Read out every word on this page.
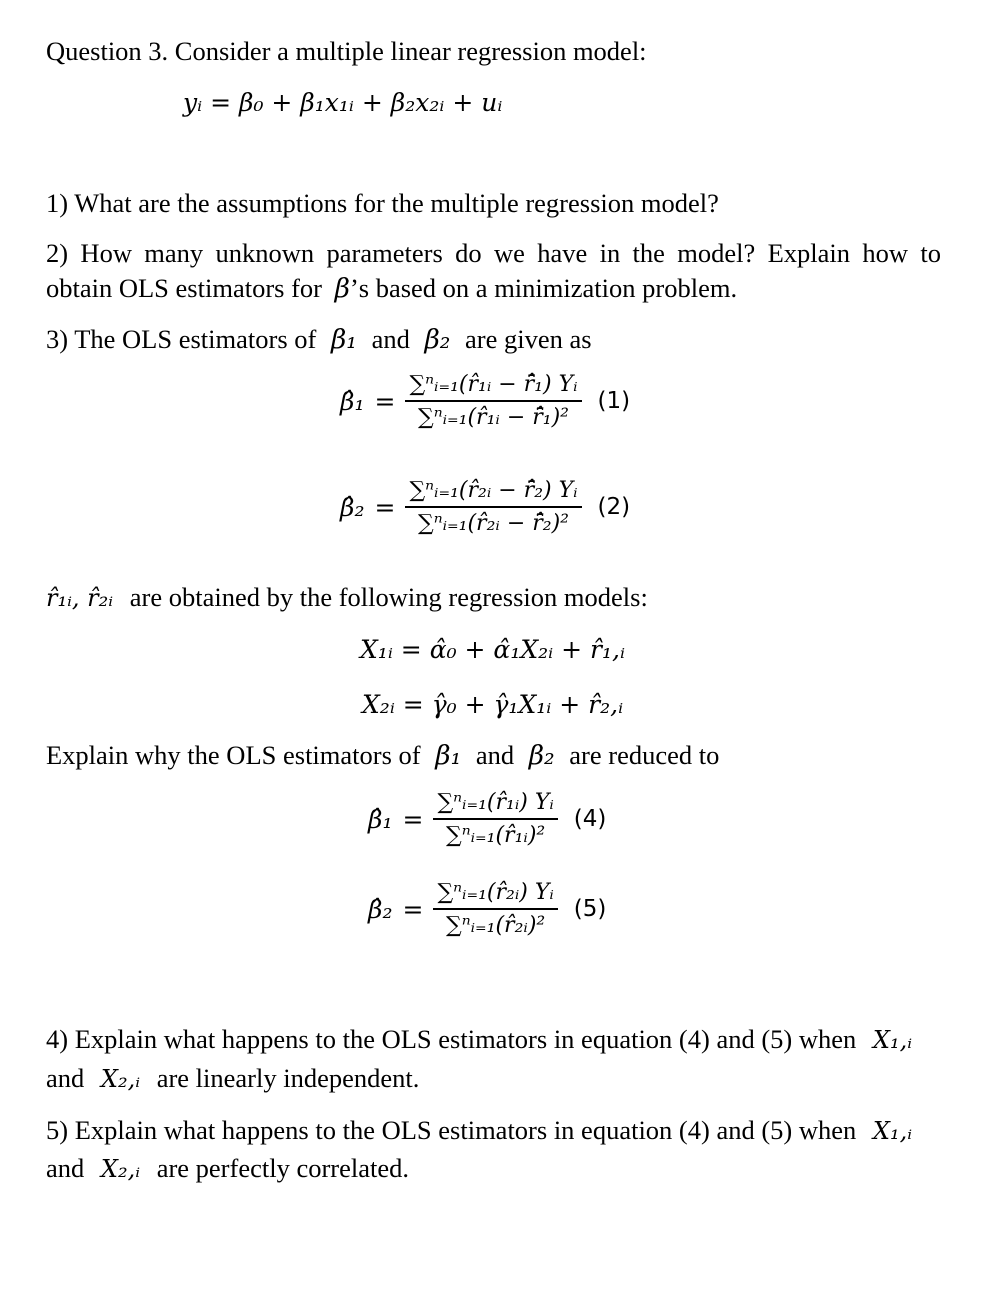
Question 3. Consider a multiple linear regression model:
yᵢ = β₀ + β₁x₁ᵢ + β₂x₂ᵢ + uᵢ
1) What are the assumptions for the multiple regression model?
2) How many unknown parameters do we have in the model? Explain how to
obtain OLS estimators for β’s based on a minimization problem.
3) The OLS estimators of β₁ and β₂ are given as
β̂₁ = $\frac{\text{∑ⁿᵢ₌₁(r̂₁ᵢ − r̄̂₁) Yᵢ}}{\text{∑ⁿᵢ₌₁(r̂₁ᵢ − r̄̂₁)²}} (1)$
β̂₂ = $\frac{\text{∑ⁿᵢ₌₁(r̂₂ᵢ − r̄̂₂) Yᵢ}}{\text{∑ⁿᵢ₌₁(r̂₂ᵢ − r̄̂₂)²}} (2)$
r̂₁ᵢ, r̂₂ᵢ are obtained by the following regression models:
X₁ᵢ = α̂₀ + α̂₁X₂ᵢ + r̂₁,ᵢ
X₂ᵢ = γ̂₀ + γ̂₁X₁ᵢ + r̂₂,ᵢ
Explain why the OLS estimators of β₁ and β₂ are reduced to
β̂₁ = $\frac{\text{∑ⁿᵢ₌₁(r̂₁ᵢ) Yᵢ}}{\text{∑ⁿᵢ₌₁(r̂₁ᵢ)²}} (4)$
β̂₂ = $\frac{\text{∑ⁿᵢ₌₁(r̂₂ᵢ) Yᵢ}}{\text{∑ⁿᵢ₌₁(r̂₂ᵢ)²}} (5)$
4) Explain what happens to the OLS estimators in equation (4) and (5) when X₁,ᵢ
and X₂,ᵢ are linearly independent.
5) Explain what happens to the OLS estimators in equation (4) and (5) when X₁,ᵢ
and X₂,ᵢ are perfectly correlated.
